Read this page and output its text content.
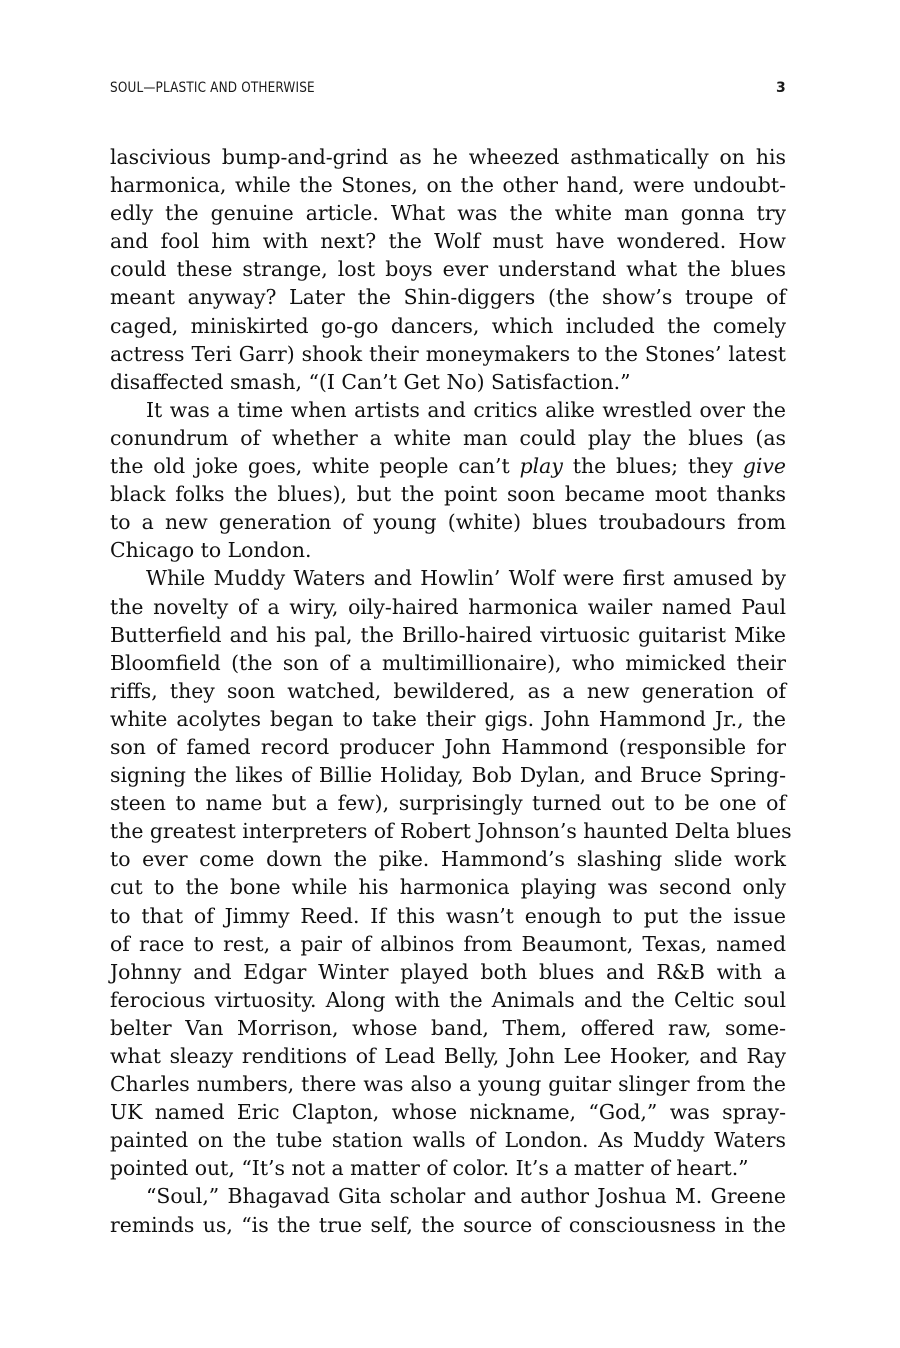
SOUL—PLASTIC AND OTHERWISE	3
lascivious bump-and-grind as he wheezed asthmatically on his
harmonica, while the Stones, on the other hand, were undoubt-
edly the genuine article. What was the white man gonna try
and fool him with next? the Wolf must have wondered. How
could these strange, lost boys ever understand what the blues
meant anyway? Later the Shin-diggers (the show’s troupe of
caged, miniskirted go-go dancers, which included the comely
actress Teri Garr) shook their moneymakers to the Stones’ latest
disaffected smash, “(I Can’t Get No) Satisfaction.”
It was a time when artists and critics alike wrestled over the
conundrum of whether a white man could play the blues (as
the old joke goes, white people can’t play the blues; they give
black folks the blues), but the point soon became moot thanks
to a new generation of young (white) blues troubadours from
Chicago to London.
While Muddy Waters and Howlin’ Wolf were first amused by
the novelty of a wiry, oily-haired harmonica wailer named Paul
Butterfield and his pal, the Brillo-haired virtuosic guitarist Mike
Bloomfield (the son of a multimillionaire), who mimicked their
riffs, they soon watched, bewildered, as a new generation of
white acolytes began to take their gigs. John Hammond Jr., the
son of famed record producer John Hammond (responsible for
signing the likes of Billie Holiday, Bob Dylan, and Bruce Spring-
steen to name but a few), surprisingly turned out to be one of
the greatest interpreters of Robert Johnson’s haunted Delta blues
to ever come down the pike. Hammond’s slashing slide work
cut to the bone while his harmonica playing was second only
to that of Jimmy Reed. If this wasn’t enough to put the issue
of race to rest, a pair of albinos from Beaumont, Texas, named
Johnny and Edgar Winter played both blues and R&B with a
ferocious virtuosity. Along with the Animals and the Celtic soul
belter Van Morrison, whose band, Them, offered raw, some-
what sleazy renditions of Lead Belly, John Lee Hooker, and Ray
Charles numbers, there was also a young guitar slinger from the
UK named Eric Clapton, whose nickname, “God,” was spray-
painted on the tube station walls of London. As Muddy Waters
pointed out, “It’s not a matter of color. It’s a matter of heart.”
“Soul,” Bhagavad Gita scholar and author Joshua M. Greene
reminds us, “is the true self, the source of consciousness in the
